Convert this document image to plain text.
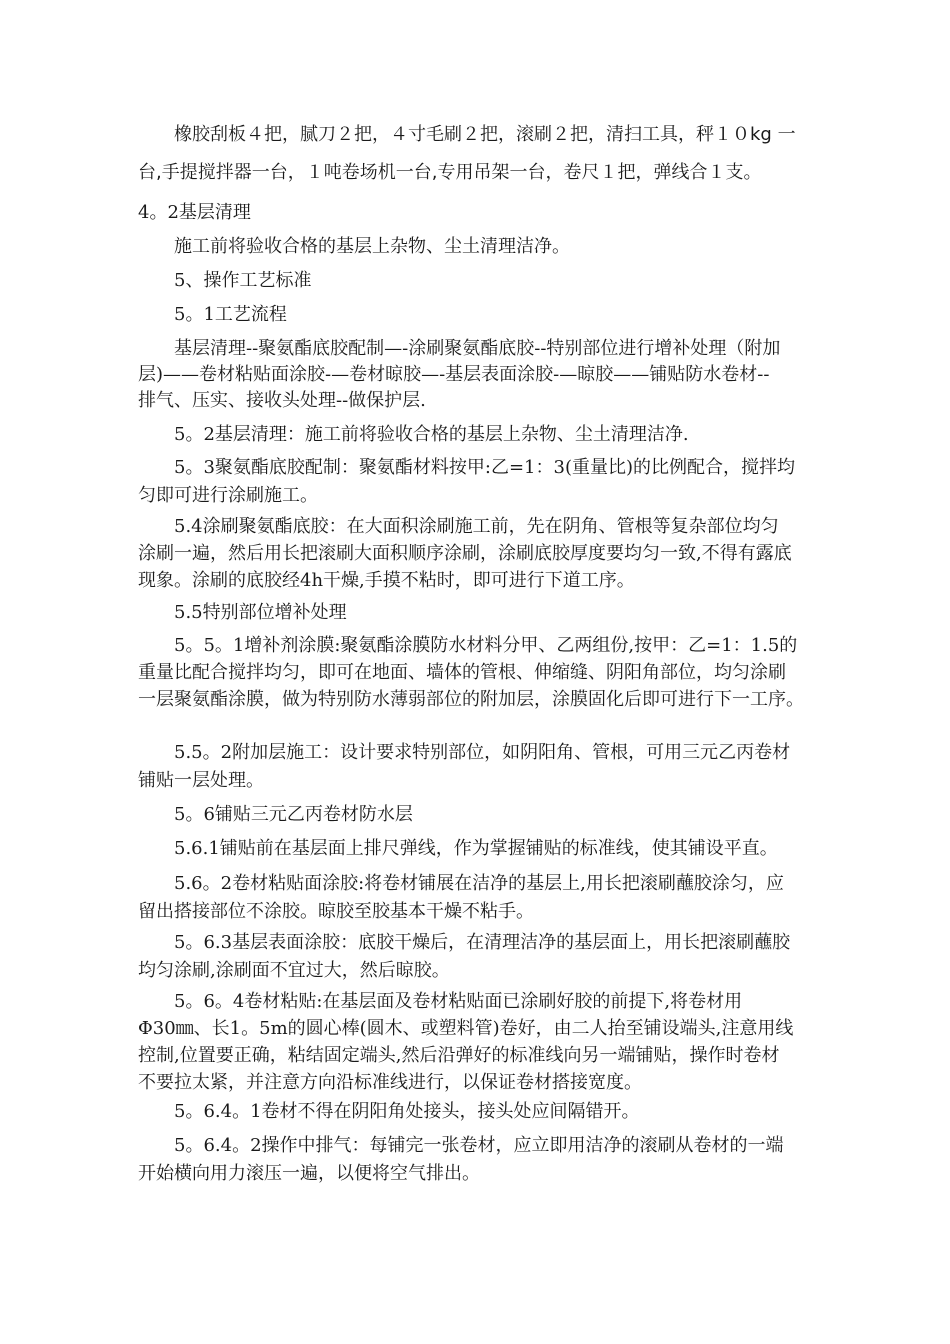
　　橡胶刮板４把，腻刀２把，４寸毛刷２把，滚刷２把，清扫工具，秤１０kg 一
台,手提搅拌器一台，１吨卷场机一台,专用吊架一台，卷尺１把，弹线合１支。
4。2基层清理
　　施工前将验收合格的基层上杂物、尘土清理洁净。
　　5、操作工艺标准
　　5。1工艺流程
　　基层清理--聚氨酯底胶配制—-涂刷聚氨酯底胶--特别部位进行增补处理（附加
层)——卷材粘贴面涂胶-—卷材晾胶—-基层表面涂胶-—晾胶——铺贴防水卷材--
排气、压实、接收头处理--做保护层.
　　5。2基层清理：施工前将验收合格的基层上杂物、尘土清理洁净.
　　5。3聚氨酯底胶配制：聚氨酯材料按甲:乙=1：3(重量比)的比例配合，搅拌均
匀即可进行涂刷施工。
　　5.4涂刷聚氨酯底胶：在大面积涂刷施工前，先在阴角、管根等复杂部位均匀
涂刷一遍，然后用长把滚刷大面积顺序涂刷，涂刷底胶厚度要均匀一致,不得有露底
现象。涂刷的底胶经4h干燥,手摸不粘时，即可进行下道工序。
　　5.5特别部位增补处理
　　5。5。1增补剂涂膜:聚氨酯涂膜防水材料分甲、乙两组份,按甲：乙=1：1.5的
重量比配合搅拌均匀，即可在地面、墙体的管根、伸缩缝、阴阳角部位，均匀涂刷
一层聚氨酯涂膜，做为特别防水薄弱部位的附加层，涂膜固化后即可进行下一工序。
　　5.5。2附加层施工：设计要求特别部位，如阴阳角、管根，可用三元乙丙卷材
铺贴一层处理。
　　5。6铺贴三元乙丙卷材防水层
　　5.6.1铺贴前在基层面上排尺弹线，作为掌握铺贴的标准线，使其铺设平直。
　　5.6。2卷材粘贴面涂胶:将卷材铺展在洁净的基层上,用长把滚刷蘸胶涂匀，应
留出搭接部位不涂胶。晾胶至胶基本干燥不粘手。
　　5。6.3基层表面涂胶：底胶干燥后，在清理洁净的基层面上，用长把滚刷蘸胶
均匀涂刷,涂刷面不宜过大，然后晾胶。
　　5。6。4卷材粘贴:在基层面及卷材粘贴面已涂刷好胶的前提下,将卷材用
Φ30㎜、长1。5m的圆心棒(圆木、或塑料管)卷好，由二人抬至铺设端头,注意用线
控制,位置要正确，粘结固定端头,然后沿弹好的标准线向另一端铺贴，操作时卷材
不要拉太紧，并注意方向沿标准线进行，以保证卷材搭接宽度。
　　5。6.4。1卷材不得在阴阳角处接头，接头处应间隔错开。
　　5。6.4。2操作中排气：每铺完一张卷材，应立即用洁净的滚刷从卷材的一端
开始横向用力滚压一遍，以便将空气排出。
